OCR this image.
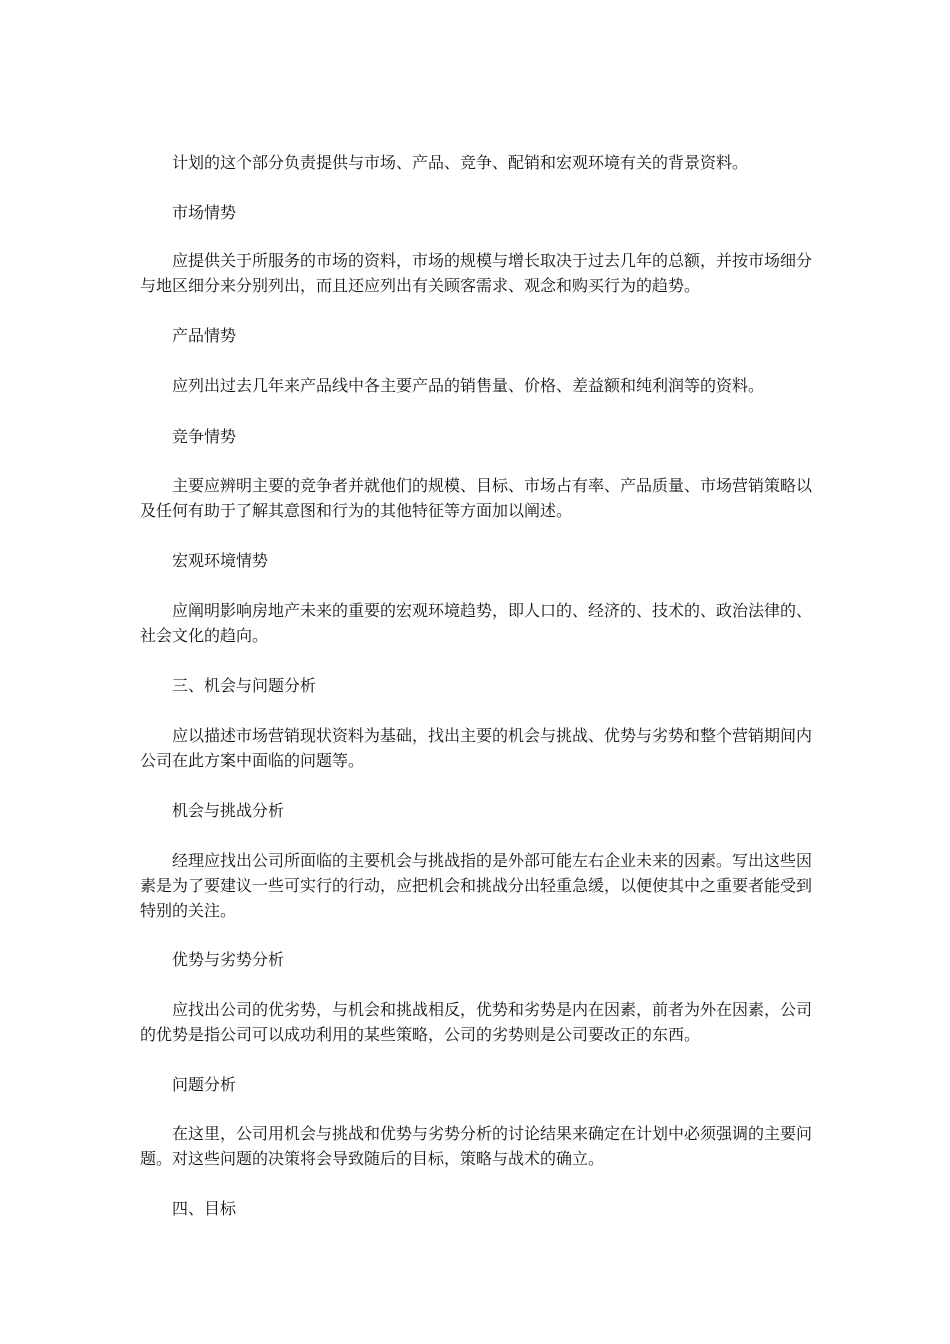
计划的这个部分负责提供与市场、产品、竞争、配销和宏观环境有关的背景资料。

市场情势

应提供关于所服务的市场的资料，市场的规模与增长取决于过去几年的总额，并按市场细分与地区细分来分别列出，而且还应列出有关顾客需求、观念和购买行为的趋势。

产品情势

应列出过去几年来产品线中各主要产品的销售量、价格、差益额和纯利润等的资料。

竞争情势

主要应辨明主要的竞争者并就他们的规模、目标、市场占有率、产品质量、市场营销策略以及任何有助于了解其意图和行为的其他特征等方面加以阐述。

宏观环境情势

应阐明影响房地产未来的重要的宏观环境趋势，即人口的、经济的、技术的、政治法律的、社会文化的趋向。

三、机会与问题分析

应以描述市场营销现状资料为基础，找出主要的机会与挑战、优势与劣势和整个营销期间内公司在此方案中面临的问题等。

机会与挑战分析

经理应找出公司所面临的主要机会与挑战指的是外部可能左右企业未来的因素。写出这些因素是为了要建议一些可实行的行动，应把机会和挑战分出轻重急缓，以便使其中之重要者能受到特别的关注。

优势与劣势分析

应找出公司的优劣势，与机会和挑战相反，优势和劣势是内在因素，前者为外在因素，公司的优势是指公司可以成功利用的某些策略，公司的劣势则是公司要改正的东西。

问题分析

在这里，公司用机会与挑战和优势与劣势分析的讨论结果来确定在计划中必须强调的主要问题。对这些问题的决策将会导致随后的目标，策略与战术的确立。

四、目标
